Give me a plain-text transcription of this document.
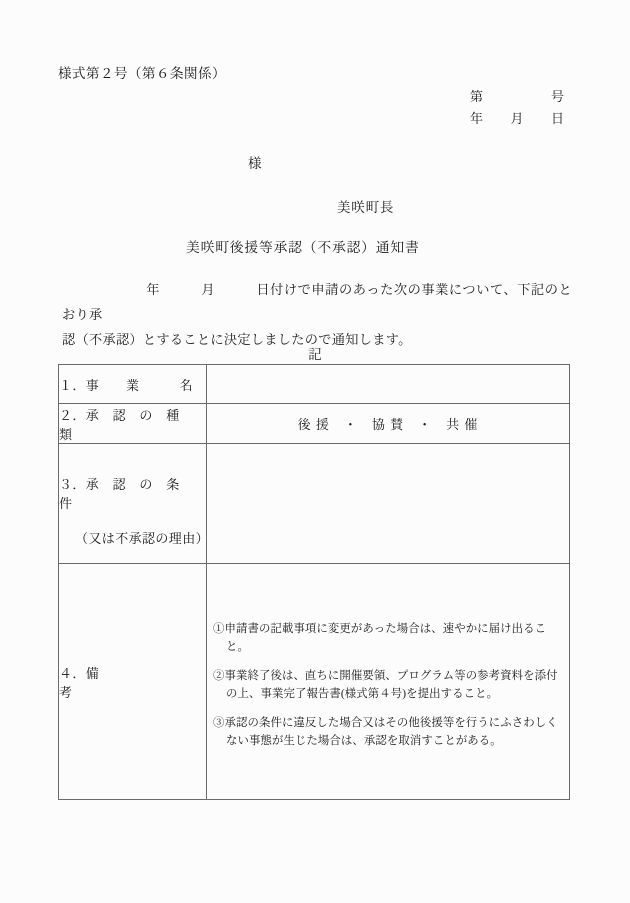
様式第２号（第６条関係）
第　　　　　号
年　　月　　日
様
美咲町長
美咲町後援等承認（不承認）通知書
年　　　月　　　日付けで申請のあった次の事業について、下記のとおり承
認（不承認）とすることに決定しましたので通知します。
記
１．事　　業　　　名	
２．承　認　の　種　類	後 援　・　協 賛　・　共 催

３．承　認　の　条　件

（又は不承認の理由）	

４．備　　　　　　　考	①申請書の記載事項に変更があった場合は、速やかに届け出ること。

②事業終了後は、直ちに開催要領、プログラム等の参考資料を添付の上、事業完了報告書(様式第４号)を提出すること。

③承認の条件に違反した場合又はその他後援等を行うにふさわしくない事態が生じた場合は、承認を取消すことがある。
